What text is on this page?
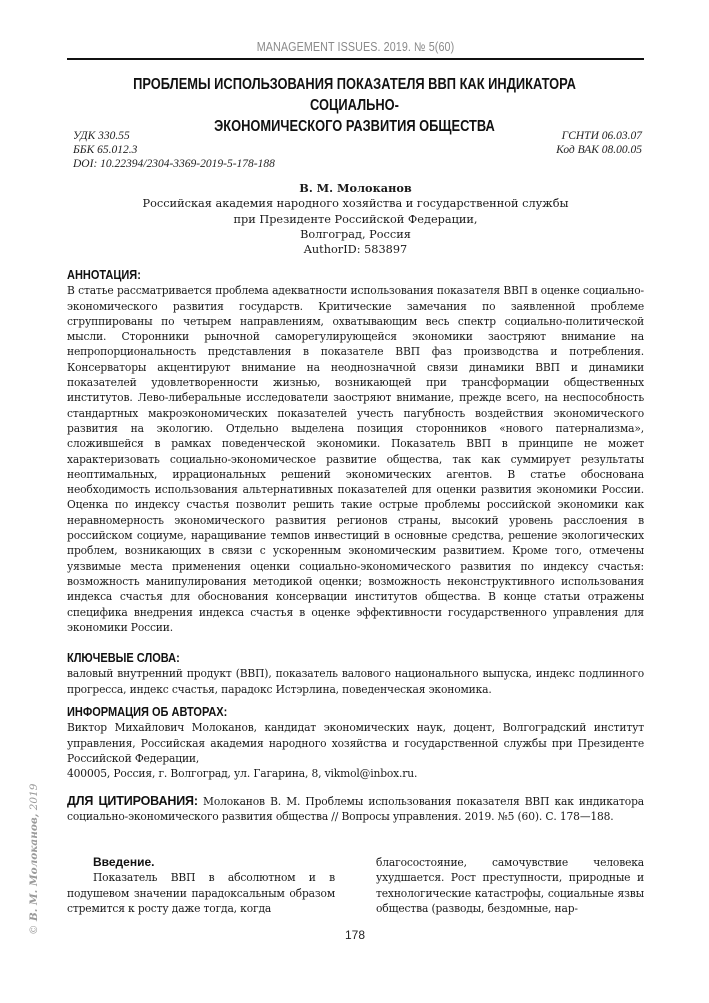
MANAGEMENT ISSUES. 2019. № 5(60)
ПРОБЛЕМЫ ИСПОЛЬЗОВАНИЯ ПОКАЗАТЕЛЯ ВВП КАК ИНДИКАТОРА СОЦИАЛЬНО-
ЭКОНОМИЧЕСКОГО РАЗВИТИЯ ОБЩЕСТВА
УДК 330.55
ББК 65.012.3
DOI: 10.22394/2304-3369-2019-5-178-188
ГСНТИ 06.03.07
Код ВАК 08.00.05
В. М. Молоканов
Российская академия народного хозяйства и государственной службы
при Президенте Российской Федерации,
Волгоград, Россия
AuthorID: 583897
АННОТАЦИЯ:

В статье рассматривается проблема адекватности использования показателя ВВП в оценке социально-экономического развития государств. Критические замечания по заявленной проблеме сгруппированы по четырем направлениям, охватывающим весь спектр социально-политической мысли. Сторонники рыночной саморегулирующейся экономики заостряют внимание на непропорциональность представления в показателе ВВП фаз производства и потребления. Консерваторы акцентируют внимание на неоднозначной связи динамики ВВП и динамики показателей удовлетворенности жизнью, возникающей при трансформации общественных институтов. Лево-либеральные исследователи заостряют внимание, прежде всего, на неспособность стандартных макроэкономических показателей учесть пагубность воздействия экономического развития на экологию. Отдельно выделена позиция сторонников «нового патернализма», сложившейся в рамках поведенческой экономики. Показатель ВВП в принципе не может характеризовать социально-экономическое развитие общества, так как суммирует результаты неоптимальных, иррациональных решений экономических агентов. В статье обоснована необходимость использования альтернативных показателей для оценки развития экономики России. Оценка по индексу счастья позволит решить такие острые проблемы российской экономики как неравномерность экономического развития регионов страны, высокий уровень расслоения в российском социуме, наращивание темпов инвестиций в основные средства, решение экологических проблем, возникающих в связи с ускоренным экономическим развитием. Кроме того, отмечены уязвимые места применения оценки социально-экономического развития по индексу счастья: возможность манипулирования методикой оценки; возможность неконструктивного использования индекса счастья для обоснования консервации институтов общества. В конце статьи отражены специфика внедрения индекса счастья в оценке эффективности государственного управления для экономики России.

КЛЮЧЕВЫЕ СЛОВА:

валовый внутренний продукт (ВВП), показатель валового национального выпуска, индекс подлинного прогресса, индекс счастья, парадокс Истэрлина, поведенческая экономика.

ИНФОРМАЦИЯ ОБ АВТОРАХ:

Виктор Михайлович Молоканов, кандидат экономических наук, доцент, Волгоградский институт управления, Российская академия народного хозяйства и государственной службы при Президенте Российской Федерации,

400005, Россия, г. Волгоград, ул. Гагарина, 8, vikmol@inbox.ru.

ДЛЯ ЦИТИРОВАНИЯ: Молоканов В. М. Проблемы использования показателя ВВП как индикатора социально-экономического развития общества // Вопросы управления. 2019. №5 (60). С. 178—188.

Введение.

Показатель ВВП в абсолютном и в подушевом значении парадоксальным образом стремится к росту даже тогда, когда

благосостояние, самочувствие человека ухудшается. Рост преступности, природные и технологические катастрофы, социальные язвы общества (разводы, бездомные, нар-

© В. М. Молоканов, 2019
178
